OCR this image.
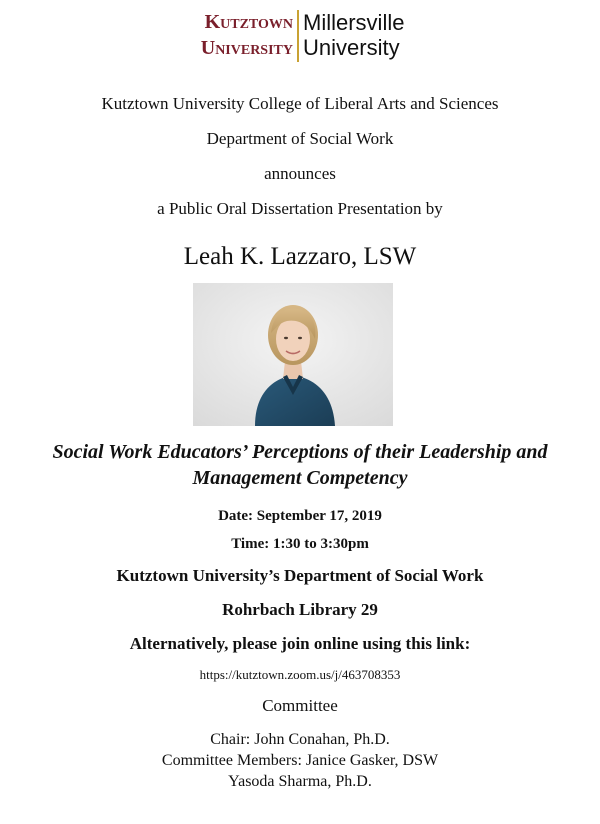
Kutztown
University
Millersville
University
Kutztown University College of Liberal Arts and Sciences
Department of Social Work
announces
a Public Oral Dissertation Presentation by
Leah K. Lazzaro, LSW
Social Work Educators’ Perceptions of their Leadership and
Management Competency
Date: September 17, 2019
Time: 1:30 to 3:30pm
Kutztown University’s Department of Social Work
Rohrbach Library 29
Alternatively, please join online using this link:
https://kutztown.zoom.us/j/463708353
Committee
Chair: John Conahan, Ph.D.
Committee Members: Janice Gasker, DSW
Yasoda Sharma, Ph.D.
